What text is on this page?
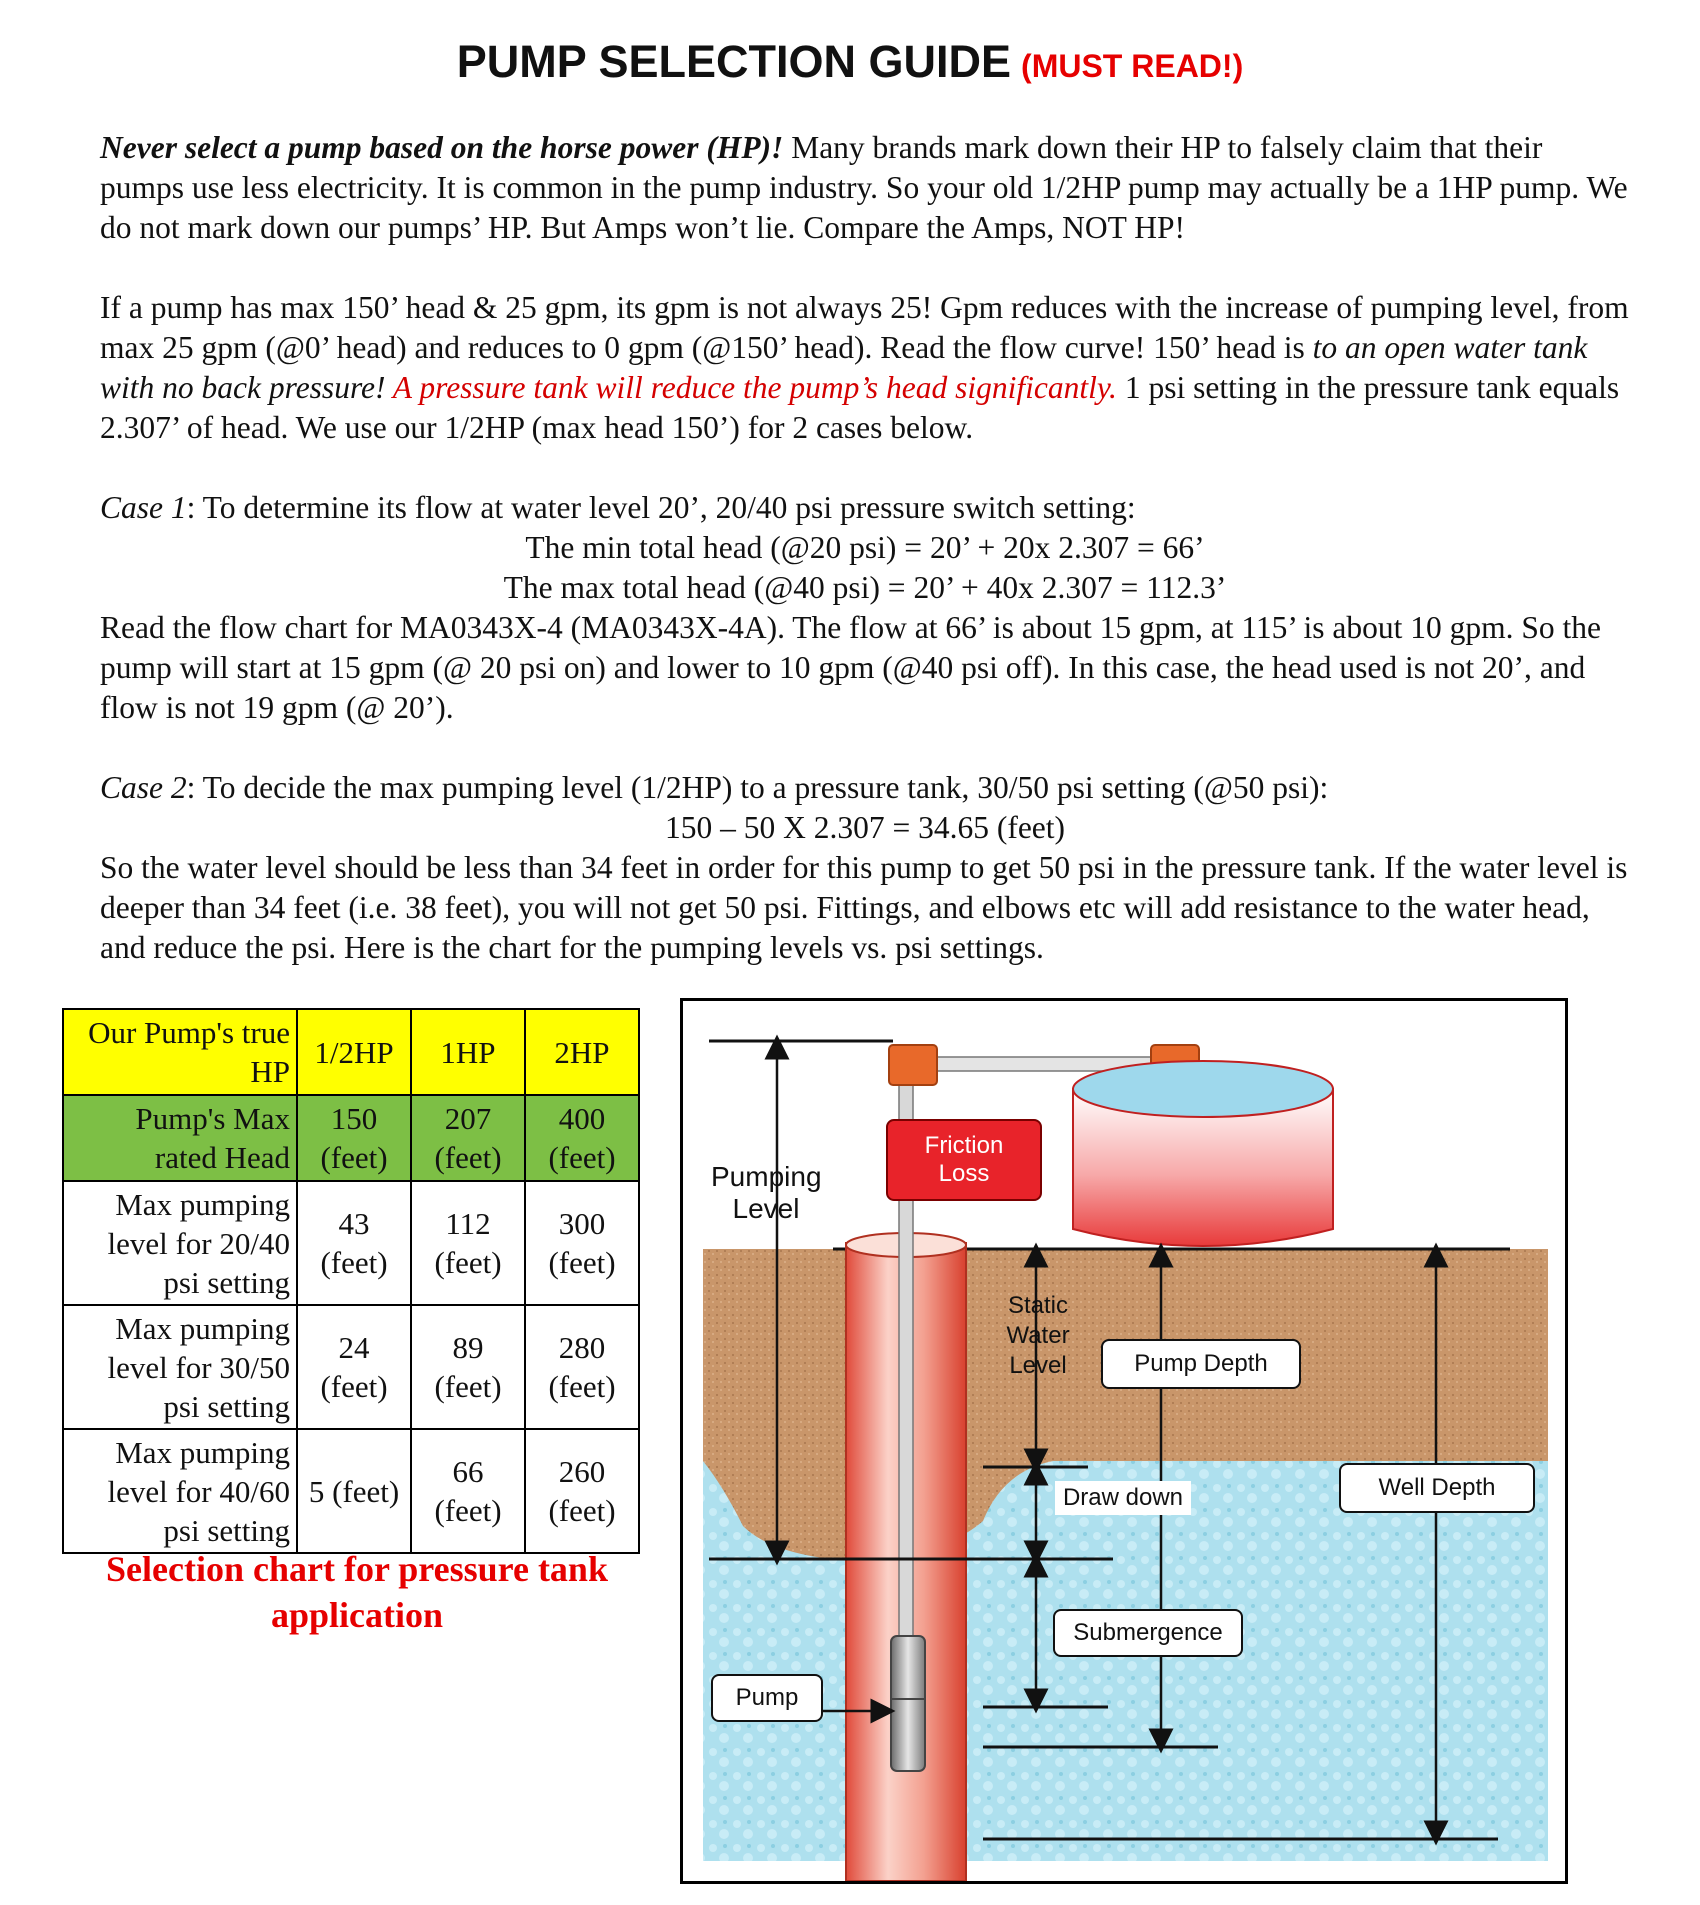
PUMP SELECTION GUIDE (MUST READ!)

Never select a pump based on the horse power (HP)! Many brands mark down their HP to falsely claim that their pumps use less electricity. It is common in the pump industry. So your old 1/2HP pump may actually be a 1HP pump. We do not mark down our pumps’ HP. But Amps won’t lie. Compare the Amps, NOT HP!

If a pump has max 150’ head & 25 gpm, its gpm is not always 25! Gpm reduces with the increase of pumping level, from max 25 gpm (@0’ head) and reduces to 0 gpm (@150’ head). Read the flow curve! 150’ head is to an open water tank with no back pressure! A pressure tank will reduce the pump’s head significantly. 1 psi setting in the pressure tank equals 2.307’ of head. We use our 1/2HP (max head 150’) for 2 cases below.

Case 1: To determine its flow at water level 20’, 20/40 psi pressure switch setting:

The min total head (@20 psi) = 20’ + 20x 2.307 = 66’

The max total head (@40 psi) = 20’ + 40x 2.307 = 112.3’

Read the flow chart for MA0343X-4 (MA0343X-4A). The flow at 66’ is about 15 gpm, at 115’ is about 10 gpm. So the pump will start at 15 gpm (@ 20 psi on) and lower to 10 gpm (@40 psi off). In this case, the head used is not 20’, and flow is not 19 gpm (@ 20’).

Case 2: To decide the max pumping level (1/2HP) to a pressure tank, 30/50 psi setting (@50 psi):

150 – 50 X 2.307 = 34.65 (feet)

So the water level should be less than 34 feet in order for this pump to get 50 psi in the pressure tank. If the water level is deeper than 34 feet (i.e. 38 feet), you will not get 50 psi. Fittings, and elbows etc will add resistance to the water head, and reduce the psi. Here is the chart for the pumping levels vs. psi settings.

Our Pump's true HP	1/2HP	1HP	2HP
Pump's Max rated Head	150 (feet)	207 (feet)	400 (feet)
Max pumping level for 20/40 psi setting	43 (feet)	112 (feet)	300 (feet)
Max pumping level for 30/50 psi setting	24 (feet)	89 (feet)	280 (feet)
Max pumping level for 40/60 psi setting	5 (feet)	66 (feet)	260 (feet)
Selection chart for pressure tank application
Pumping Level
Friction Loss
Static Water Level	Pump Depth
Draw down	Well Depth
Submergence
Pump
